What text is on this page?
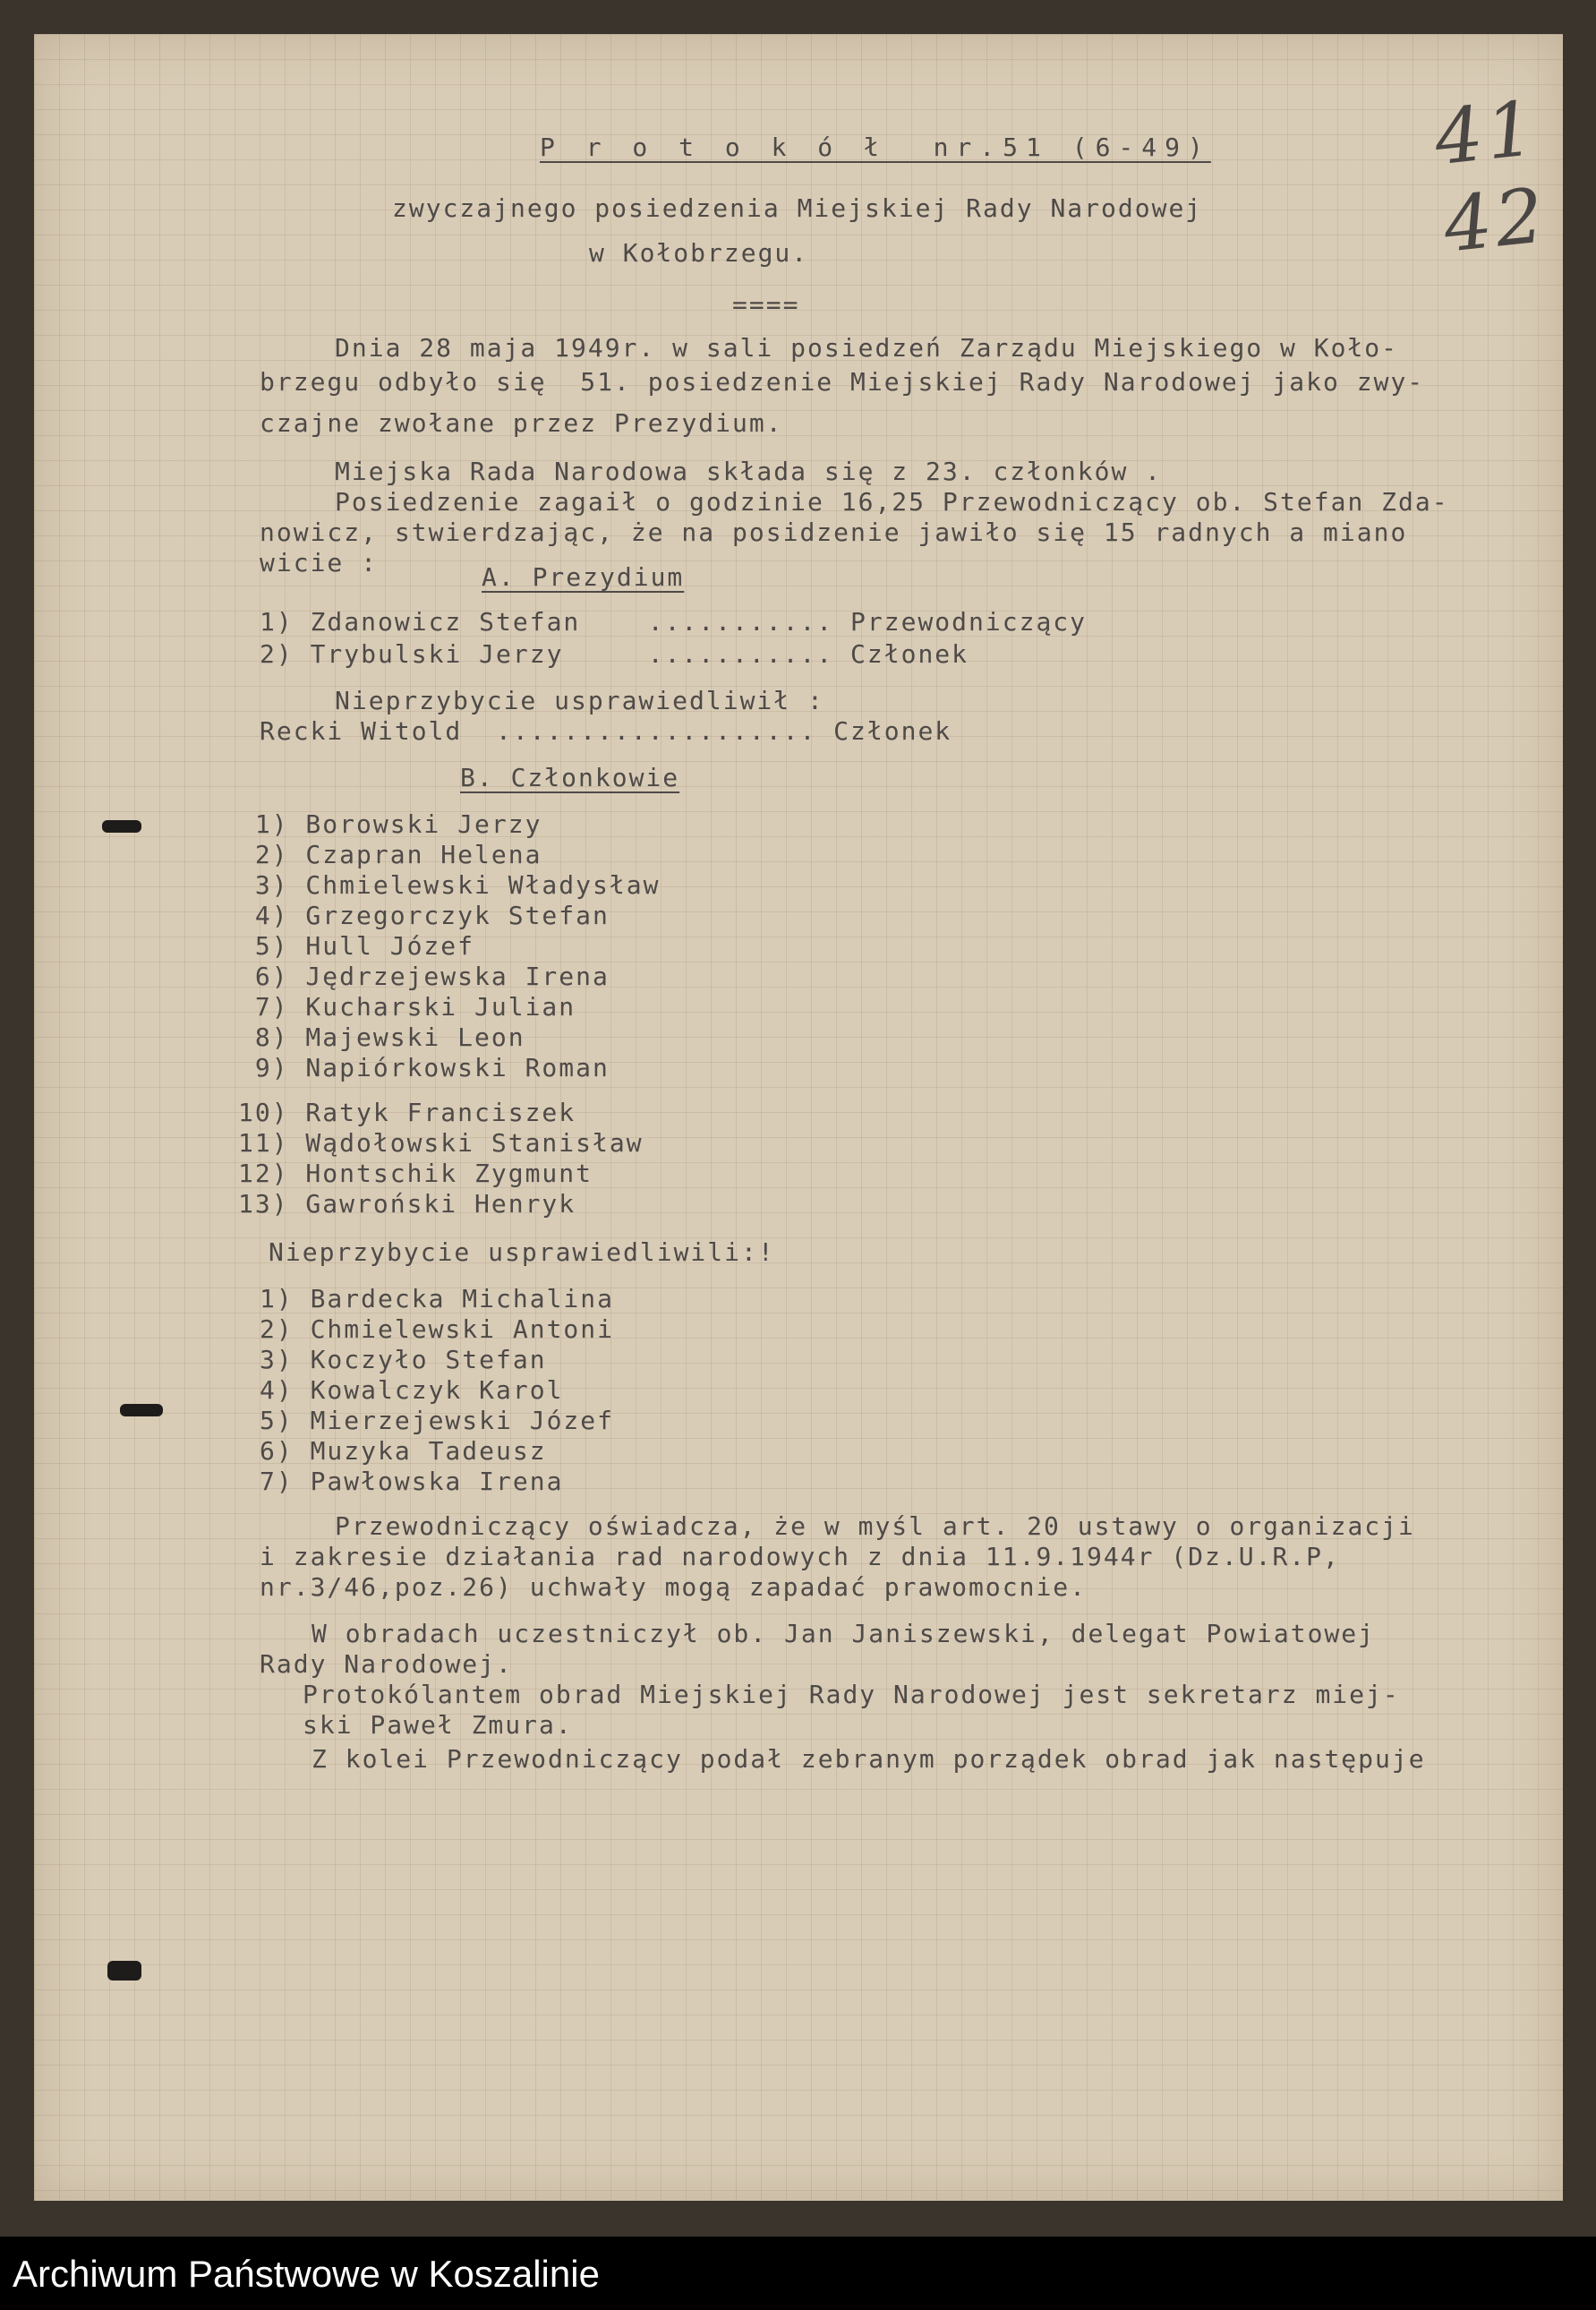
41 42
P r o t o k ó ł  nr.51 (6-49)
zwyczajnego posiedzenia Miejskiej Rady Narodowej
w Kołobrzegu.
====
Dnia 28 maja 1949r. w sali posiedzeń Zarządu Miejskiego w Koło-
brzegu odbyło się  51. posiedzenie Miejskiej Rady Narodowej jako zwy-
czajne zwołane przez Prezydium.
Miejska Rada Narodowa składa się z 23. członków .
Posiedzenie zagaił o godzinie 16,25 Przewodniczący ob. Stefan Zda-
nowicz, stwierdzając, że na posidzenie jawiło się 15 radnych a miano
wicie :	A. Prezydium
1) Zdanowicz Stefan    ........... Przewodniczący
2) Trybulski Jerzy     ........... Członek
Nieprzybycie usprawiedliwił :
Recki Witold  ................... Członek
B. Członkowie
1) Borowski Jerzy
2) Czapran Helena
3) Chmielewski Władysław
4) Grzegorczyk Stefan
5) Hull Józef
6) Jędrzejewska Irena
7) Kucharski Julian
8) Majewski Leon
9) Napiórkowski Roman
10) Ratyk Franciszek
11) Wądołowski Stanisław
12) Hontschik Zygmunt
13) Gawroński Henryk
Nieprzybycie usprawiedliwili:!
1) Bardecka Michalina
2) Chmielewski Antoni
3) Koczyło Stefan
4) Kowalczyk Karol
5) Mierzejewski Józef
6) Muzyka Tadeusz
7) Pawłowska Irena
Przewodniczący oświadcza, że w myśl art. 20 ustawy o organizacji
i zakresie działania rad narodowych z dnia 11.9.1944r (Dz.U.R.P,
nr.3/46,poz.26) uchwały mogą zapadać prawomocnie.
W obradach uczestniczył ob. Jan Janiszewski, delegat Powiatowej
Rady Narodowej.
Protokólantem obrad Miejskiej Rady Narodowej jest sekretarz miej-
ski Paweł Zmura.
Z kolei Przewodniczący podał zebranym porządek obrad jak następuje
Archiwum Państwowe w Koszalinie
